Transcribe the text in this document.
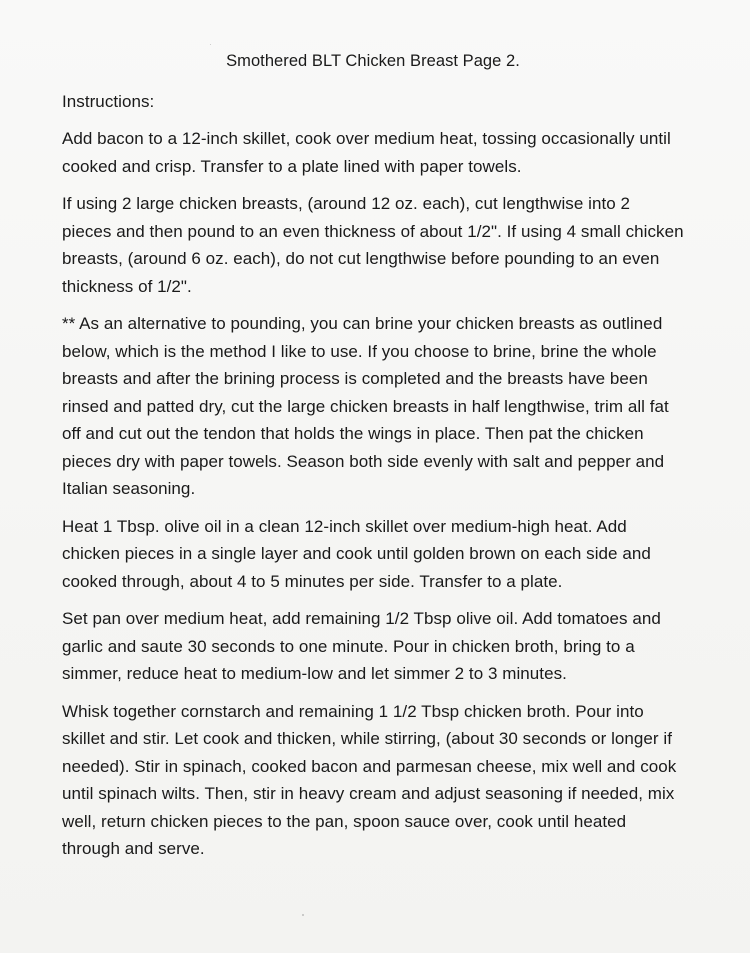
Smothered BLT Chicken Breast Page 2.
Instructions:

Add bacon to a 12-inch skillet, cook over medium heat, tossing occasionally until cooked and crisp. Transfer to a plate lined with paper towels.

If using 2 large chicken breasts, (around 12 oz. each), cut lengthwise into 2 pieces and then pound to an even thickness of about 1/2". If using 4 small chicken breasts, (around 6 oz. each), do not cut lengthwise before pounding to an even thickness of 1/2".

** As an alternative to pounding, you can brine your chicken breasts as outlined below, which is the method I like to use. If you choose to brine, brine the whole breasts and after the brining process is completed and the breasts have been rinsed and patted dry, cut the large chicken breasts in half lengthwise, trim all fat off and cut out the tendon that holds the wings in place. Then pat the chicken pieces dry with paper towels. Season both side evenly with salt and pepper and Italian seasoning.

Heat 1 Tbsp. olive oil in a clean 12-inch skillet over medium-high heat. Add chicken pieces in a single layer and cook until golden brown on each side and cooked through, about 4 to 5 minutes per side. Transfer to a plate.

Set pan over medium heat, add remaining 1/2 Tbsp olive oil. Add tomatoes and garlic and saute 30 seconds to one minute. Pour in chicken broth, bring to a simmer, reduce heat to medium-low and let simmer 2 to 3 minutes.

Whisk together cornstarch and remaining 1 1/2 Tbsp chicken broth. Pour into skillet and stir. Let cook and thicken, while stirring, (about 30 seconds or longer if needed). Stir in spinach, cooked bacon and parmesan cheese, mix well and cook until spinach wilts. Then, stir in heavy cream and adjust seasoning if needed, mix well, return chicken pieces to the pan, spoon sauce over, cook until heated through and serve.
